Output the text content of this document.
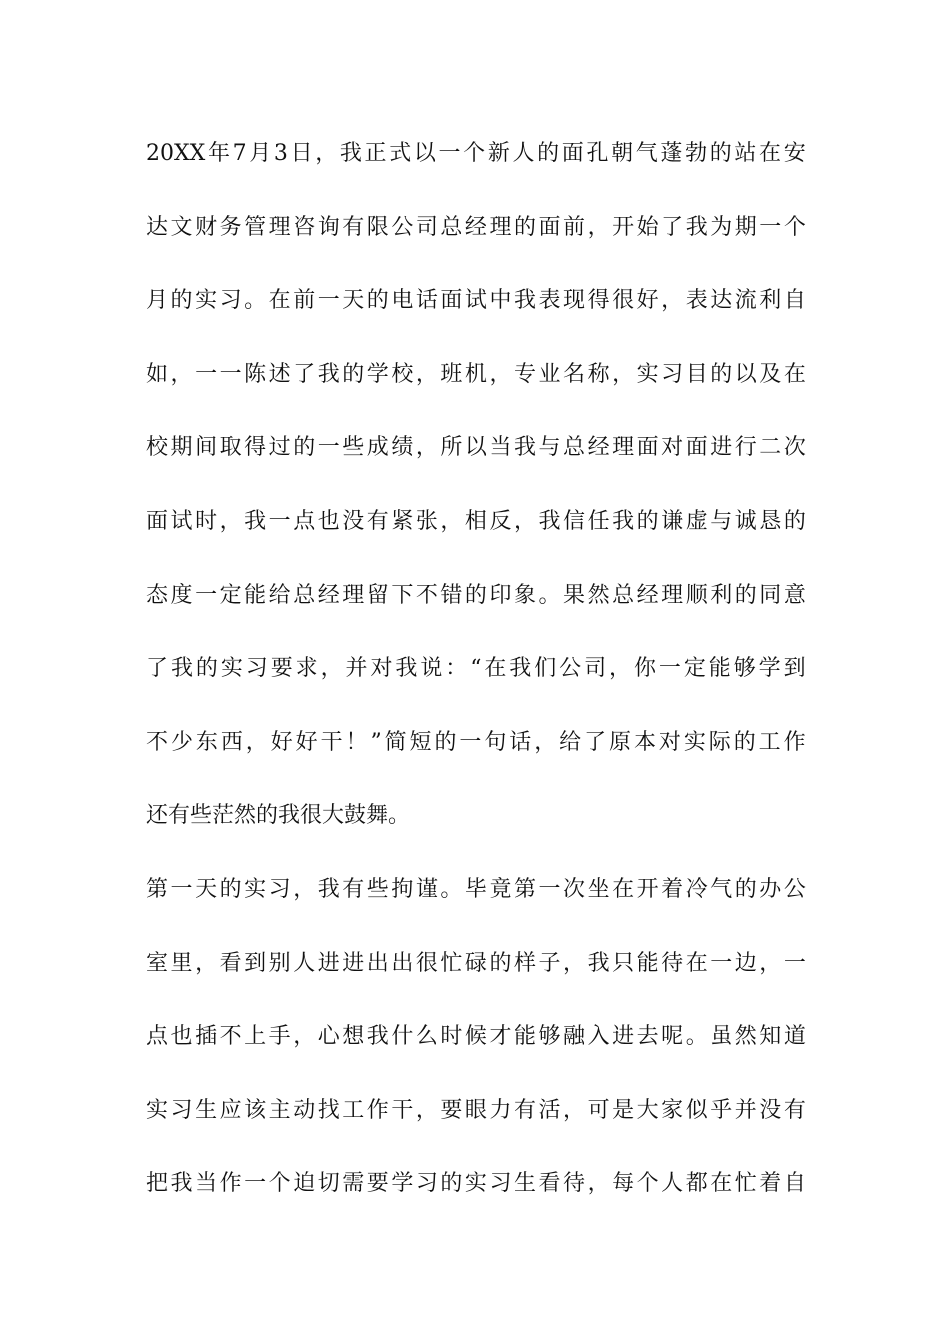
20XX 年 7 月 3 日 ， 我 正 式 以 一 个 新 人 的 面 孔 朝 气 蓬 勃 的 站 在 安
达 文 财 务 管 理 咨 询 有 限 公 司 总 经 理 的 面 前 ， 开 始 了 我 为 期 一 个
月 的 实 习 。 在 前 一 天 的 电 话 面 试 中 我 表 现 得 很 好 ， 表 达 流 利 自
如 ， 一 一 陈 述 了 我 的 学 校 ， 班 机 ， 专 业 名 称 ， 实 习 目 的 以 及 在
校 期 间 取 得 过 的 一 些 成 绩 ， 所 以 当 我 与 总 经 理 面 对 面 进 行 二 次
面 试 时 ， 我 一 点 也 没 有 紧 张 ， 相 反 ， 我 信 任 我 的 谦 虚 与 诚 恳 的
态 度 一 定 能 给 总 经 理 留 下 不 错 的 印 象 。 果 然 总 经 理 顺 利 的 同 意
了 我 的 实 习 要 求 ， 并 对 我 说 ： “ 在 我 们 公 司 ， 你 一 定 能 够 学 到
不 少 东 西 ， 好 好 干 ！ ” 简 短 的 一 句 话 ， 给 了 原 本 对 实 际 的 工 作
还有些茫然的我很大鼓舞。
第 一 天 的 实 习 ， 我 有 些 拘 谨 。 毕 竟 第 一 次 坐 在 开 着 冷 气 的 办 公
室 里 ， 看 到 别 人 进 进 出 出 很 忙 碌 的 样 子 ， 我 只 能 待 在 一 边 ， 一
点 也 插 不 上 手 ， 心 想 我 什 么 时 候 才 能 够 融 入 进 去 呢 。 虽 然 知 道
实 习 生 应 该 主 动 找 工 作 干 ， 要 眼 力 有 活 ， 可 是 大 家 似 乎 并 没 有
把 我 当 作 一 个 迫 切 需 要 学 习 的 实 习 生 看 待 ， 每 个 人 都 在 忙 着 自
